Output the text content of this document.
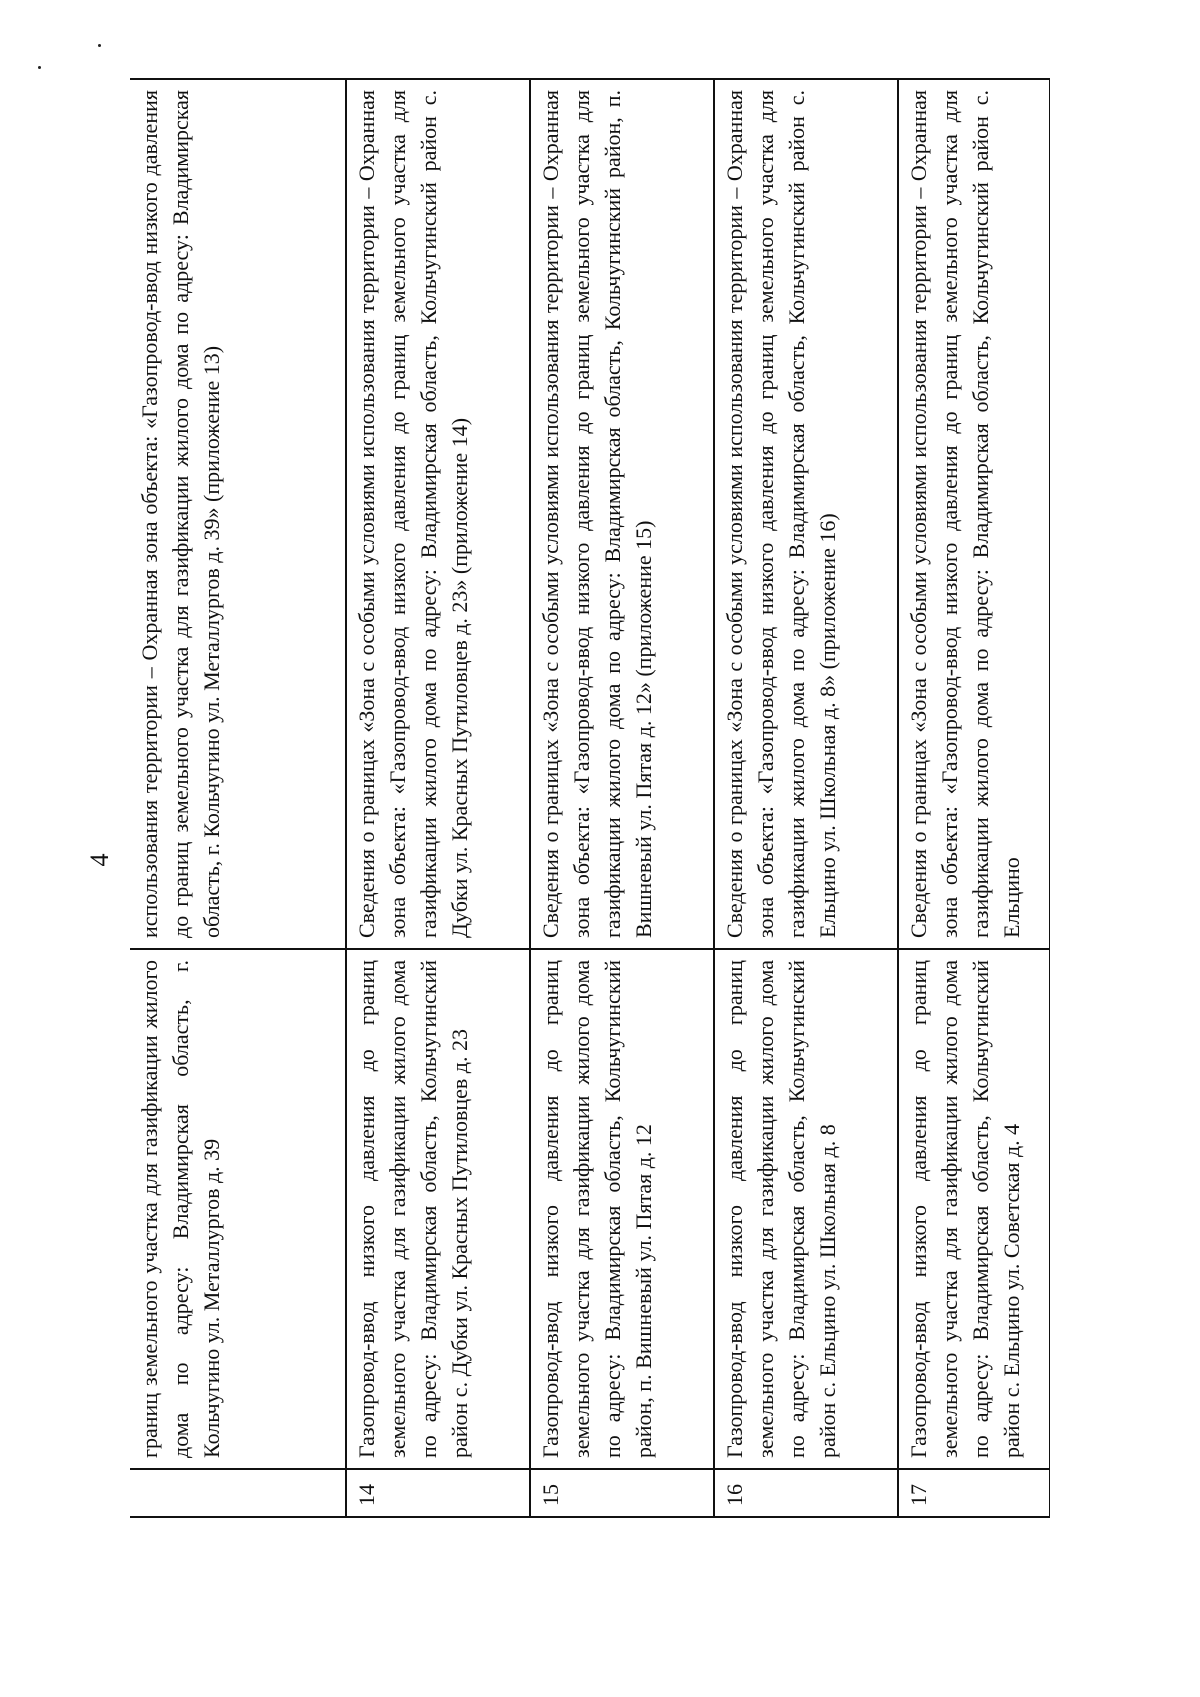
4
	границ земельного участка для газификации жилого дома по адресу: Владимирская область, г. Кольчугино ул. Металлургов д. 39	использования территории – Охранная зона объекта: «Газопровод-ввод низкого давления до границ земельного участка для газификации жилого дома по адресу: Владимирская область, г. Кольчугино ул. Металлургов д. 39» (приложение 13)
14	Газопровод-ввод низкого давления до границ земельного участка для газификации жилого дома по адресу: Владимирская область, Кольчугинский район с. Дубки ул. Красных Путиловцев д. 23	Сведения о границах «Зона с особыми условиями использования территории – Охранная зона объекта: «Газопровод-ввод низкого давления до границ земельного участка для газификации жилого дома по адресу: Владимирская область, Кольчугинский район с. Дубки ул. Красных Путиловцев д. 23» (приложение 14)
15	Газопровод-ввод низкого давления до границ земельного участка для газификации жилого дома по адресу: Владимирская область, Кольчугинский район, п. Вишневый ул. Пятая д. 12	Сведения о границах «Зона с особыми условиями использования территории – Охранная зона объекта: «Газопровод-ввод низкого давления до границ земельного участка для газификации жилого дома по адресу: Владимирская область, Кольчугинский район, п. Вишневый ул. Пятая д. 12» (приложение 15)
16	Газопровод-ввод низкого давления до границ земельного участка для газификации жилого дома по адресу: Владимирская область, Кольчугинский район с. Ельцино ул. Школьная д. 8	Сведения о границах «Зона с особыми условиями использования территории – Охранная зона объекта: «Газопровод-ввод низкого давления до границ земельного участка для газификации жилого дома по адресу: Владимирская область, Кольчугинский район с. Ельцино ул. Школьная д. 8» (приложение 16)
17	Газопровод-ввод низкого давления до границ земельного участка для газификации жилого дома по адресу: Владимирская область, Кольчугинский район с. Ельцино ул. Советская д. 4	Сведения о границах «Зона с особыми условиями использования территории – Охранная зона объекта: «Газопровод-ввод низкого давления до границ земельного участка для газификации жилого дома по адресу: Владимирская область, Кольчугинский район с. Ельцино
